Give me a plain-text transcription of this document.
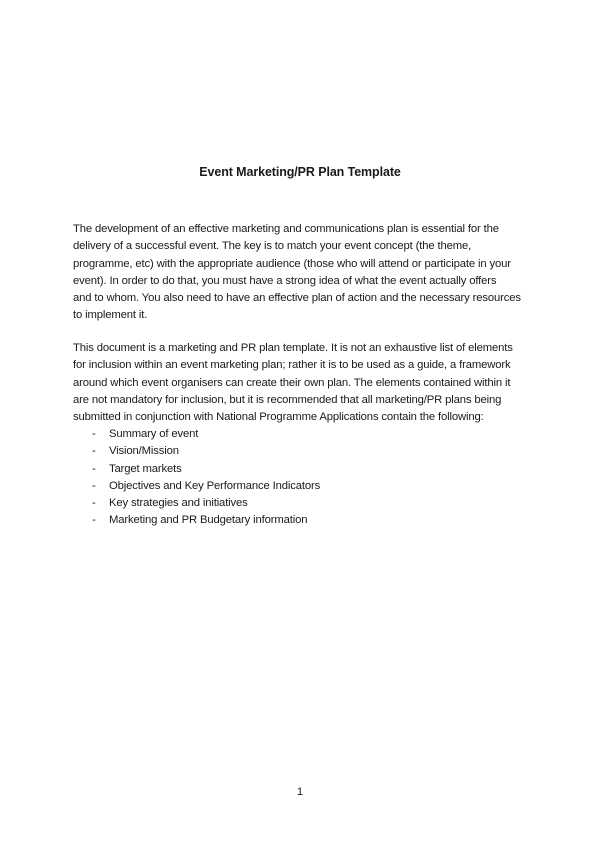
Event Marketing/PR Plan Template

The development of an effective marketing and communications plan is essential for the
delivery of a successful event. The key is to match your event concept (the theme,
programme, etc) with the appropriate audience (those who will attend or participate in your
event). In order to do that, you must have a strong idea of what the event actually offers
and to whom. You also need to have an effective plan of action and the necessary resources
to implement it.

This document is a marketing and PR plan template. It is not an exhaustive list of elements
for inclusion within an event marketing plan; rather it is to be used as a guide, a framework
around which event organisers can create their own plan. The elements contained within it
are not mandatory for inclusion, but it is recommended that all marketing/PR plans being
submitted in conjunction with National Programme Applications contain the following:

-	Summary of event
-	Vision/Mission
-	Target markets
-	Objectives and Key Performance Indicators
-	Key strategies and initiatives
-	Marketing and PR Budgetary information
1
